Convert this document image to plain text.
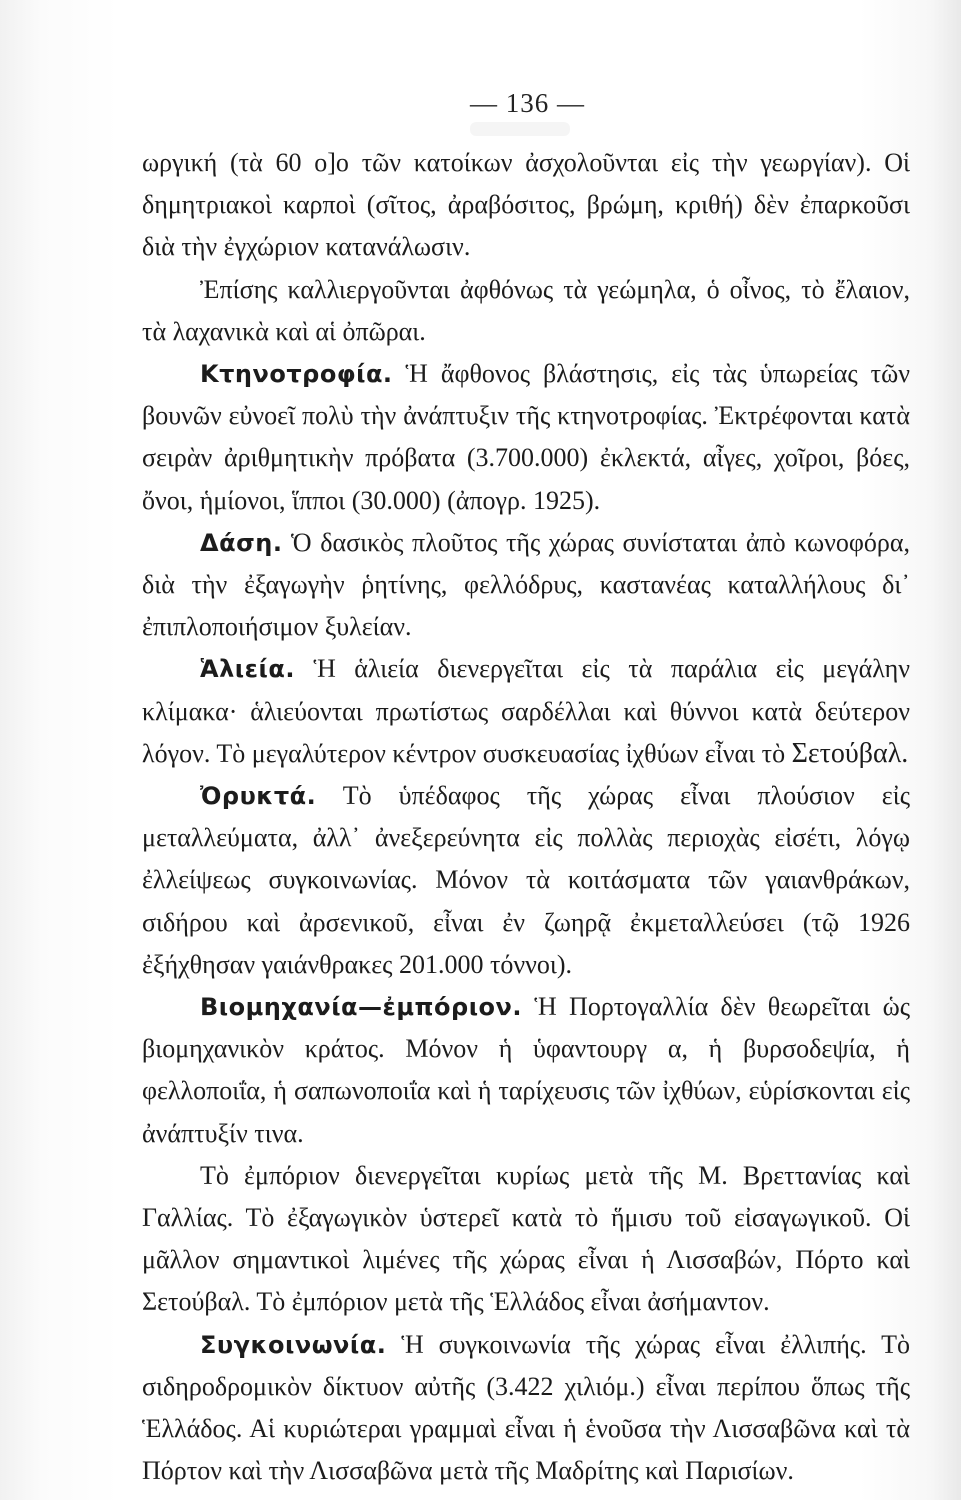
— 136 —

ωργική (τὰ 60 ο]ο τῶν κατοίκων ἀσχολοῦνται εἰς τὴν γεωργίαν). Οἱ δημητριακοὶ καρποὶ (σῖτος, ἀραβόσιτος, βρώμη, κριθή) δὲν ἐπαρκοῦσι διὰ τὴν ἐγχώριον κατανάλωσιν.

Ἐπίσης καλλιεργοῦνται ἀφθόνως τὰ γεώμηλα, ὁ οἶνος, τὸ ἔλαιον, τὰ λαχανικὰ καὶ αἱ ὀπῶραι.

Κτηνοτροφία. Ἡ ἄφθονος βλάστησις, εἰς τὰς ὑπωρείας τῶν βουνῶν εὐνοεῖ πολὺ τὴν ἀνάπτυξιν τῆς κτηνοτροφίας. Ἐκτρέφονται κατὰ σειρὰν ἀριθμητικὴν πρόβατα (3.700.000) ἐκλεκτά, αἶγες, χοῖροι, βόες, ὄνοι, ἡμίονοι, ἵπποι (30.000) (ἀπογρ. 1925).

Δάση. Ὁ δασικὸς πλοῦτος τῆς χώρας συνίσταται ἀπὸ κωνοφόρα, διὰ τὴν ἐξαγωγὴν ῥητίνης, φελλόδρυς, καστανέας καταλλήλους δι᾽ ἐπιπλοποιήσιμον ξυλείαν.

Ἁλιεία. Ἡ ἁλιεία διενεργεῖται εἰς τὰ παράλια εἰς μεγάλην κλίμακα· ἁλιεύονται πρωτίστως σαρδέλλαι καὶ θύννοι κατὰ δεύτερον λόγον. Τὸ μεγαλύτερον κέντρον συσκευασίας ἰχθύων εἶναι τὸ Σετούβαλ.

Ὀρυκτά. Τὸ ὑπέδαφος τῆς χώρας εἶναι πλούσιον εἰς μεταλλεύματα, ἀλλ᾽ ἀνεξερεύνητα εἰς πολλὰς περιοχὰς εἰσέτι, λόγῳ ἐλλείψεως συγκοινωνίας. Μόνον τὰ κοιτάσματα τῶν γαιανθράκων, σιδήρου καὶ ἀρσενικοῦ, εἶναι ἐν ζωηρᾷ ἐκμεταλλεύσει (τῷ 1926 ἐξήχθησαν γαιάνθρακες 201.000 τόννοι).

Βιομηχανία—ἐμπόριον. Ἡ Πορτογαλλία δὲν θεωρεῖται ὡς βιομηχανικὸν κράτος. Μόνον ἡ ὑφαντουργ α, ἡ βυρσοδεψία, ἡ φελλοποιΐα, ἡ σαπωνοποιΐα καὶ ἡ ταρίχευσις τῶν ἰχθύων, εὑρίσκονται εἰς ἀνάπτυξίν τινα.

Τὸ ἐμπόριον διενεργεῖται κυρίως μετὰ τῆς Μ. Βρεττανίας καὶ Γαλλίας. Τὸ ἐξαγωγικὸν ὑστερεῖ κατὰ τὸ ἥμισυ τοῦ εἰσαγωγικοῦ. Οἱ μᾶλλον σημαντικοὶ λιμένες τῆς χώρας εἶναι ἡ Λισσαβών, Πόρτο καὶ Σετούβαλ. Τὸ ἐμπόριον μετὰ τῆς Ἑλλάδος εἶναι ἀσήμαντον.

Συγκοινωνία. Ἡ συγκοινωνία τῆς χώρας εἶναι ἐλλιπής. Τὸ σιδηροδρομικὸν δίκτυον αὐτῆς (3.422 χιλιόμ.) εἶναι περίπου ὅπως τῆς Ἑλλάδος. Αἱ κυριώτεραι γραμμαὶ εἶναι ἡ ἑνοῦσα τὴν Λισσαβῶνα καὶ τὰ Πόρτον καὶ τὴν Λισσαβῶνα μετὰ τῆς Μαδρίτης καὶ Παρισίων.
